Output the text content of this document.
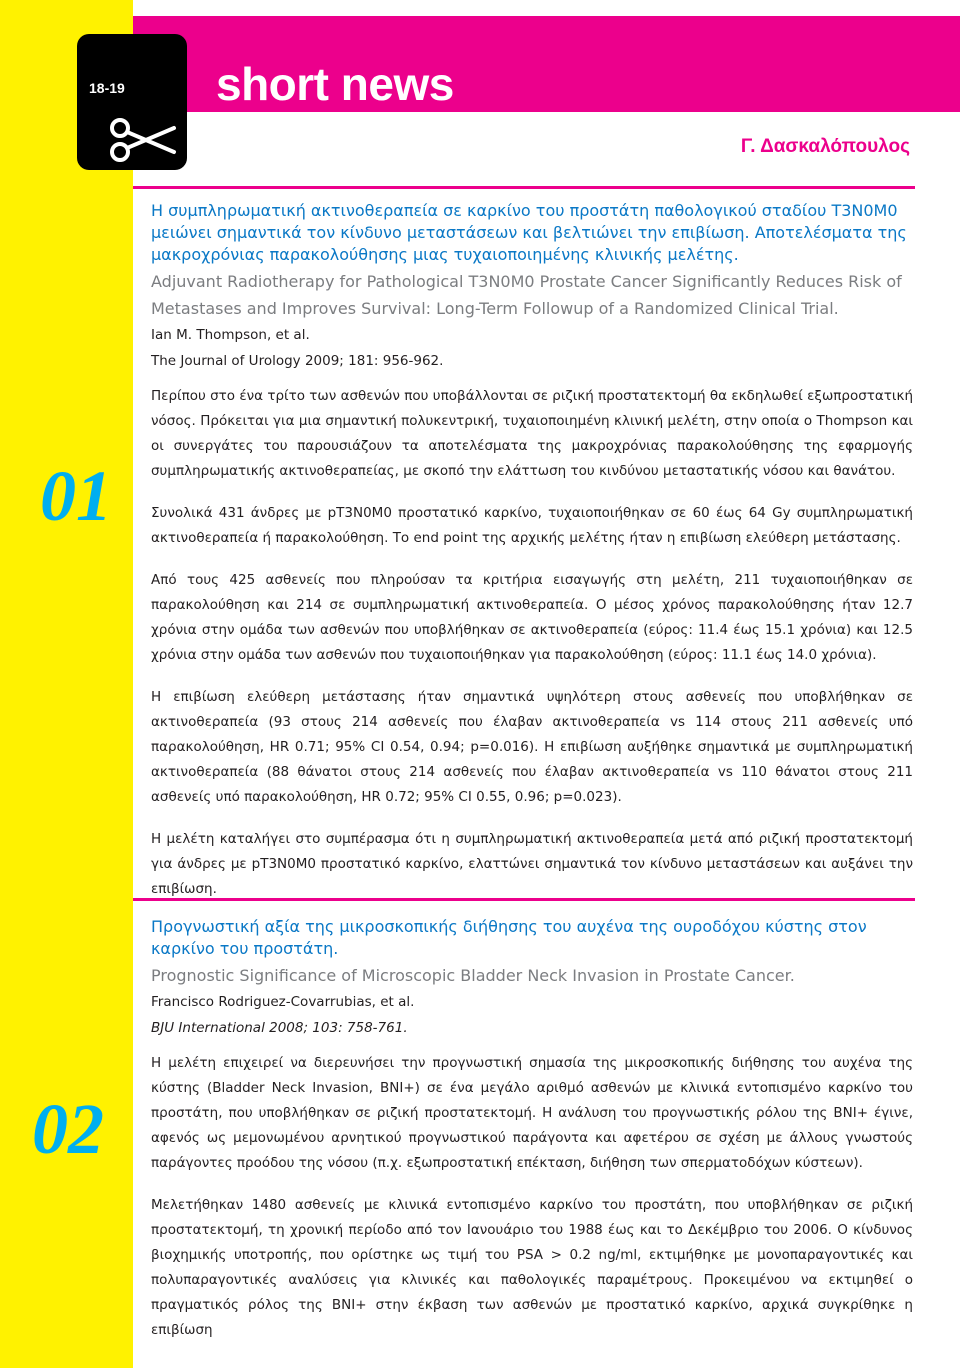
18-19 short news
Γ. Δασκαλόπουλος
01

Η συμπληρωματική ακτινοθεραπεία σε καρκίνο του προστάτη παθολογικού σταδίου T3N0M0 μειώνει σημαντικά τον κίνδυνο μεταστάσεων και βελτιώνει την επιβίωση. Αποτελέσματα της μακροχρόνιας παρακολούθησης μιας τυχαιοποιημένης κλινικής μελέτης.

Adjuvant Radiotherapy for Pathological T3N0M0 Prostate Cancer Significantly Reduces Risk of Metastases and Improves Survival: Long-Term Followup of a Randomized Clinical Trial.

Ian M. Thompson, et al.

The Journal of Urology 2009; 181: 956-962.

Περίπου στο ένα τρίτο των ασθενών που υποβάλλονται σε ριζική προστατεκτομή θα εκδηλωθεί εξωπροστατική νόσος. Πρόκειται για μια σημαντική πολυκεντρική, τυχαιοποιημένη κλινική μελέτη, στην οποία ο Thompson και οι συνεργάτες του παρουσιάζουν τα αποτελέσματα της μακροχρόνιας παρακολούθησης της εφαρμογής συμπληρωματικής ακτινοθεραπείας, με σκοπό την ελάττωση του κινδύνου μεταστατικής νόσου και θανάτου.

Συνολικά 431 άνδρες με pT3N0M0 προστατικό καρκίνο, τυχαιοποιήθηκαν σε 60 έως 64 Gy συμπληρωματική ακτινοθεραπεία ή παρακολούθηση. Το end point της αρχικής μελέτης ήταν η επιβίωση ελεύθερη μετάστασης.

Από τους 425 ασθενείς που πληρούσαν τα κριτήρια εισαγωγής στη μελέτη, 211 τυχαιοποιήθηκαν σε παρακολούθηση και 214 σε συμπληρωματική ακτινοθεραπεία. Ο μέσος χρόνος παρακολούθησης ήταν 12.7 χρόνια στην ομάδα των ασθενών που υποβλήθηκαν σε ακτινοθεραπεία (εύρος: 11.4 έως 15.1 χρόνια) και 12.5 χρόνια στην ομάδα των ασθενών που τυχαιοποιήθηκαν για παρακολούθηση (εύρος: 11.1 έως 14.0 χρόνια).

Η επιβίωση ελεύθερη μετάστασης ήταν σημαντικά υψηλότερη στους ασθενείς που υποβλήθηκαν σε ακτινοθεραπεία (93 στους 214 ασθενείς που έλαβαν ακτινοθεραπεία vs 114 στους 211 ασθενείς υπό παρακολούθηση, HR 0.71; 95% CI 0.54, 0.94; p=0.016). Η επιβίωση αυξήθηκε σημαντικά με συμπληρωματική ακτινοθεραπεία (88 θάνατοι στους 214 ασθενείς που έλαβαν ακτινοθεραπεία vs 110 θάνατοι στους 211 ασθενείς υπό παρακολούθηση, HR 0.72; 95% CI 0.55, 0.96; p=0.023).

Η μελέτη καταλήγει στο συμπέρασμα ότι η συμπληρωματική ακτινοθεραπεία μετά από ριζική προστατεκτομή για άνδρες με pT3N0M0 προστατικό καρκίνο, ελαττώνει σημαντικά τον κίνδυνο μεταστάσεων και αυξάνει την επιβίωση.

02

Προγνωστική αξία της μικροσκοπικής διήθησης του αυχένα της ουροδόχου κύστης στον καρκίνο του προστάτη.

Prognostic Significance of Microscopic Bladder Neck Invasion in Prostate Cancer.

Francisco Rodriguez-Covarrubias, et al.

BJU International 2008; 103: 758-761.

Η μελέτη επιχειρεί να διερευνήσει την προγνωστική σημασία της μικροσκοπικής διήθησης του αυχένα της κύστης (Bladder Neck Invasion, BNI+) σε ένα μεγάλο αριθμό ασθενών με κλινικά εντοπισμένο καρκίνο του προστάτη, που υποβλήθηκαν σε ριζική προστατεκτομή. Η ανάλυση του προγνωστικής ρόλου της BNI+ έγινε, αφενός ως μεμονωμένου αρνητικού προγνωστικού παράγοντα και αφετέρου σε σχέση με άλλους γνωστούς παράγοντες προόδου της νόσου (π.χ. εξωπροστατική επέκταση, διήθηση των σπερματοδόχων κύστεων).

Μελετήθηκαν 1480 ασθενείς με κλινικά εντοπισμένο καρκίνο του προστάτη, που υποβλήθηκαν σε ριζική προστατεκτομή, τη χρονική περίοδο από τον Ιανουάριο του 1988 έως και το Δεκέμβριο του 2006. Ο κίνδυνος βιοχημικής υποτροπής, που ορίστηκε ως τιμή του PSA > 0.2 ng/ml, εκτιμήθηκε με μονοπαραγοντικές και πολυπαραγοντικές αναλύσεις για κλινικές και παθολογικές παραμέτρους. Προκειμένου να εκτιμηθεί ο πραγματικός ρόλος της BNI+ στην έκβαση των ασθενών με προστατικό καρκίνο, αρχικά συγκρίθηκε η επιβίωση
